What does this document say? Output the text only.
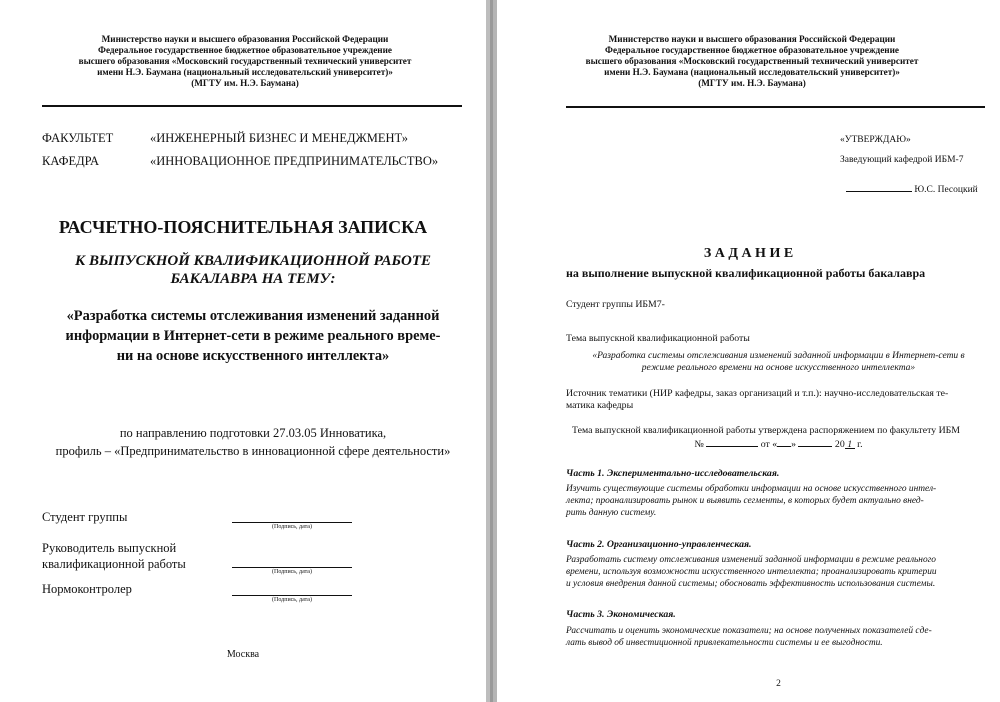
Министерство науки и высшего образования Российской Федерации
Федеральное государственное бюджетное образовательное учреждение
высшего образования «Московский государственный технический университет
имени Н.Э. Баумана (национальный исследовательский университет)»
(МГТУ им. Н.Э. Баумана)
ФАКУЛЬТЕТ	«ИНЖЕНЕРНЫЙ БИЗНЕС И МЕНЕДЖМЕНТ»
КАФЕДРА	«ИННОВАЦИОННОЕ ПРЕДПРИНИМАТЕЛЬСТВО»
РАСЧЕТНО-ПОЯСНИТЕЛЬНАЯ ЗАПИСКА
К ВЫПУСКНОЙ КВАЛИФИКАЦИОННОЙ РАБОТЕ
БАКАЛАВРА НА ТЕМУ:
«Разработка системы отслеживания изменений заданной
информации в Интернет-сети в режиме реального време-
ни на основе искусственного интеллекта»
по направлению подготовки 27.03.05 Инноватика,
профиль – «Предпринимательство в инновационной сфере деятельности»
Студент группы
(Подпись, дата)
Руководитель выпускной
квалификационной работы
(Подпись, дата)
Нормоконтролер
(Подпись, дата)
Москва
Министерство науки и высшего образования Российской Федерации
Федеральное государственное бюджетное образовательное учреждение
высшего образования «Московский государственный технический университет
имени Н.Э. Баумана (национальный исследовательский университет)»
(МГТУ им. Н.Э. Баумана)
«УТВЕРЖДАЮ»
Заведующий кафедрой ИБМ-7
Ю.С. Песоцкий
З А Д А Н И Е
на выполнение выпускной квалификационной работы бакалавра
Студент группы ИБМ7-
Тема выпускной квалификационной работы
«Разработка системы отслеживания изменений заданной информации в Интернет-сети в
режиме реального времени на основе искусственного интеллекта»
Источник тематики (НИР кафедры, заказ организаций и т.п.): научно-исследовательская те-
матика кафедры
Тема выпускной квалификационной работы утверждена распоряжением по факультету ИБМ
№	от « »	20 1 г.
Часть 1. Экспериментально-исследовательская.
Изучить существующие системы обработки информации на основе искусственного интел-
лекта; проанализировать рынок и выявить сегменты, в которых будет актуально внед-
рить данную систему.
Часть 2. Организационно-управленческая.
Разработать систему отслеживания изменений заданной информации в режиме реального
времени, используя возможности искусственного интеллекта; проанализировать критерии
и условия внедрения данной системы; обосновать эффективность использования системы.
Часть 3. Экономическая.
Рассчитать и оценить экономические показатели; на основе полученных показателей сде-
лать вывод об инвестиционной привлекательности системы и ее выгодности.
2
